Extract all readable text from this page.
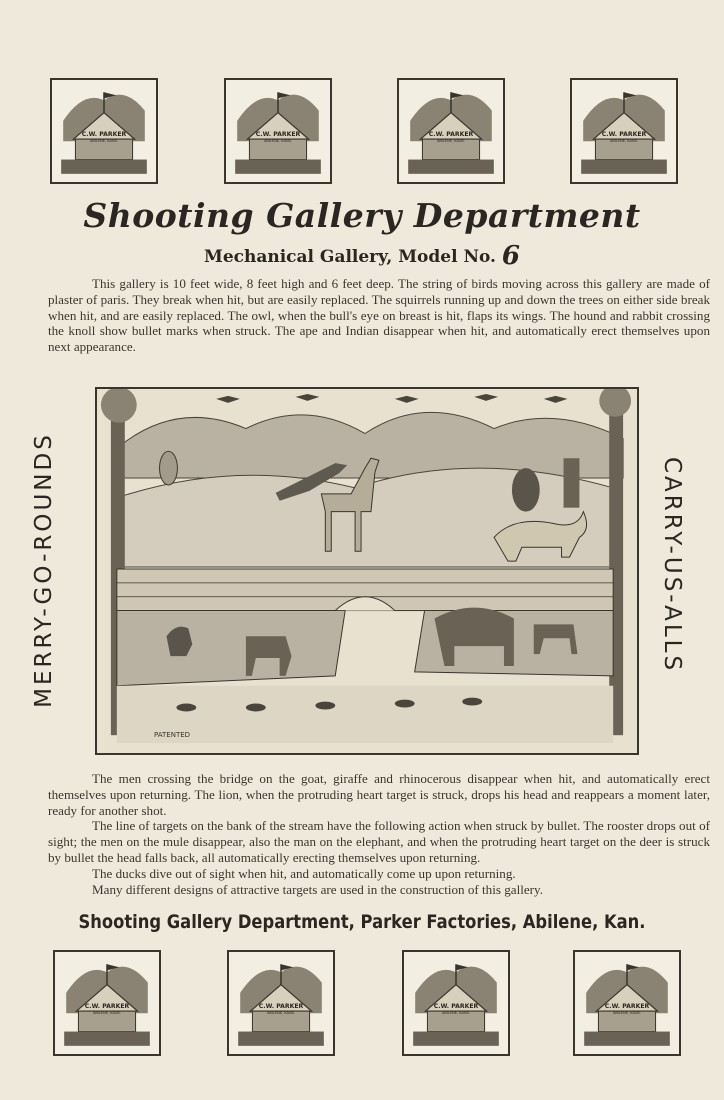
C.W. PARKER
ABILENE, KANS.
C.W. PARKER
ABILENE, KANS.
C.W. PARKER
ABILENE, KANS.
C.W. PARKER
ABILENE, KANS.
Shooting Gallery Department
Mechanical Gallery, Model No. 6

This gallery is 10 feet wide, 8 feet high and 6 feet deep. The string of birds moving across this gallery are made of plaster of paris. They break when hit, but are easily replaced. The squirrels running up and down the trees on either side break when hit, and are easily replaced. The owl, when the bull's eye on breast is hit, flaps its wings. The hound and rabbit crossing the knoll show bullet marks when struck. The ape and Indian disappear when hit, and automatically erect themselves upon next appearance.

MERRY-GO-ROUNDS	CARRY-US-ALLS
PATENTED

The men crossing the bridge on the goat, giraffe and rhinocerous disappear when hit, and automatically erect themselves upon returning. The lion, when the protruding heart target is struck, drops his head and reappears a moment later, ready for another shot.

The line of targets on the bank of the stream have the following action when struck by bullet. The rooster drops out of sight; the men on the mule disappear, also the man on the elephant, and when the protruding heart target on the deer is struck by bullet the head falls back, all automatically erecting themselves upon returning.

The ducks dive out of sight when hit, and automatically come up upon returning.

Many different designs of attractive targets are used in the construction of this gallery.

Shooting Gallery Department, Parker Factories, Abilene, Kan.
C.W. PARKER
ABILENE, KANS.
C.W. PARKER
ABILENE, KANS.
C.W. PARKER
ABILENE, KANS.
C.W. PARKER
ABILENE, KANS.
